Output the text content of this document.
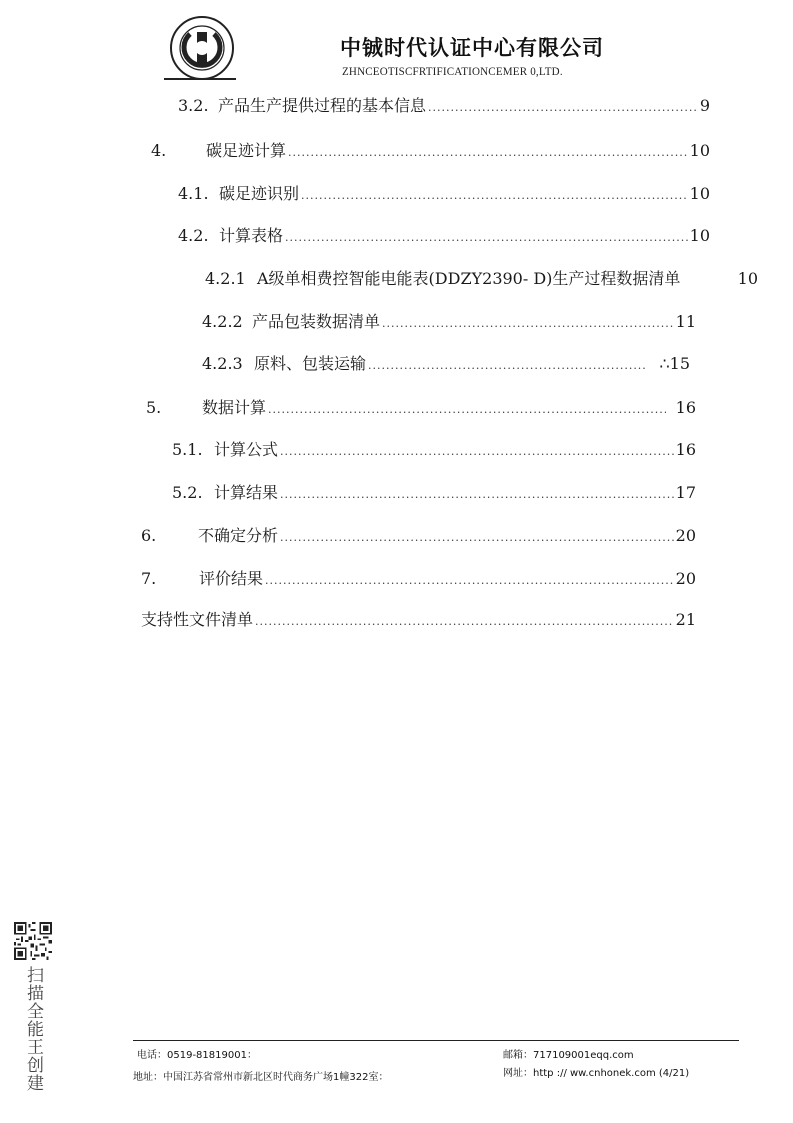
中铖时代认证中心有限公司
ZHNCEOTISCFRTIFICATIONCEMER 0,LTD.
3.2. 产品生产提供过程的基本信息 .....	9
4.	碳足迹计算 .....	10
4.1. 碳足迹识别 .....	10
4.2. 计算表格 .....	10
4.2.1 A级单相费控智能电能表(DDZY2390- D)生产过程数据清单	10
4.2.2 产品包装数据清单 .....	11
4.2.3 原料、包装运输 .....	∴15
5.	数据计算 .....	16
5.1. 计算公式 .....	16
5.2. 计算结果 .....	17
6.	不确定分析 .....	20
7.	评价结果 .....	20
支持性文件清单 .....	21
扫描全能王创建	电话：0519-81819001：
地址：中国江苏省常州市新北区时代商务广场1幢322室：
邮箱：717109001eqq.com
网址：http :// ww.cnhonek.com (4/21)
